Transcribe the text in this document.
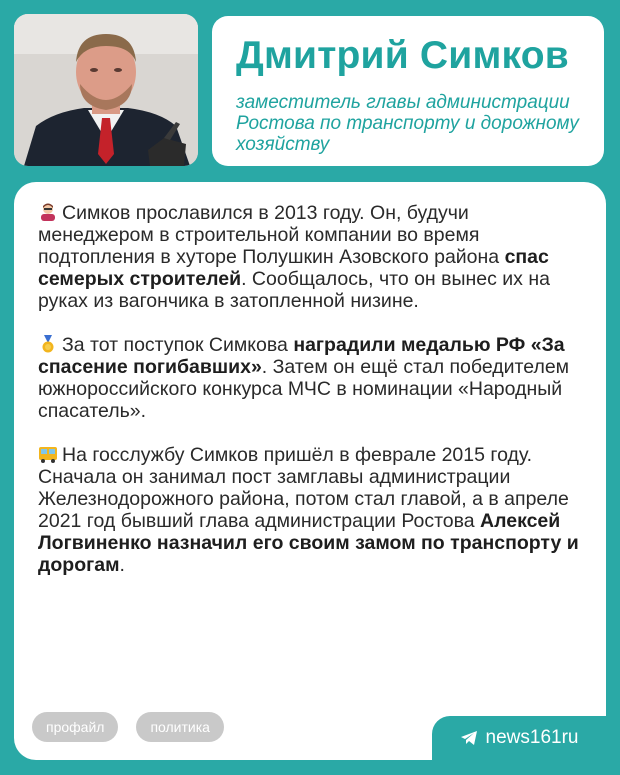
Дмитрий Симков
заместитель главы администрации Ростова по транспорту и дорожному хозяйству

Симков прославился в 2013 году. Он, будучи менеджером в строительной компании во время подтопления в хуторе Полушкин Азовского района спас семерых строителей. Сообщалось, что он вынес их на руках из вагончика в затопленной низине.

За тот поступок Симкова наградили медалью РФ «За спасение погибавших». Затем он ещё стал победителем южнороссийского конкурса МЧС в номинации «Народный спасатель».

На госслужбу Симков пришёл в феврале 2015 году. Сначала он занимал пост замглавы администрации Железнодорожного района, потом стал главой, а в апреле 2021 год бывший глава администрации Ростова Алексей Логвиненко назначил его своим замом по транспорту и дорогам.

профайл	политика	news161ru
